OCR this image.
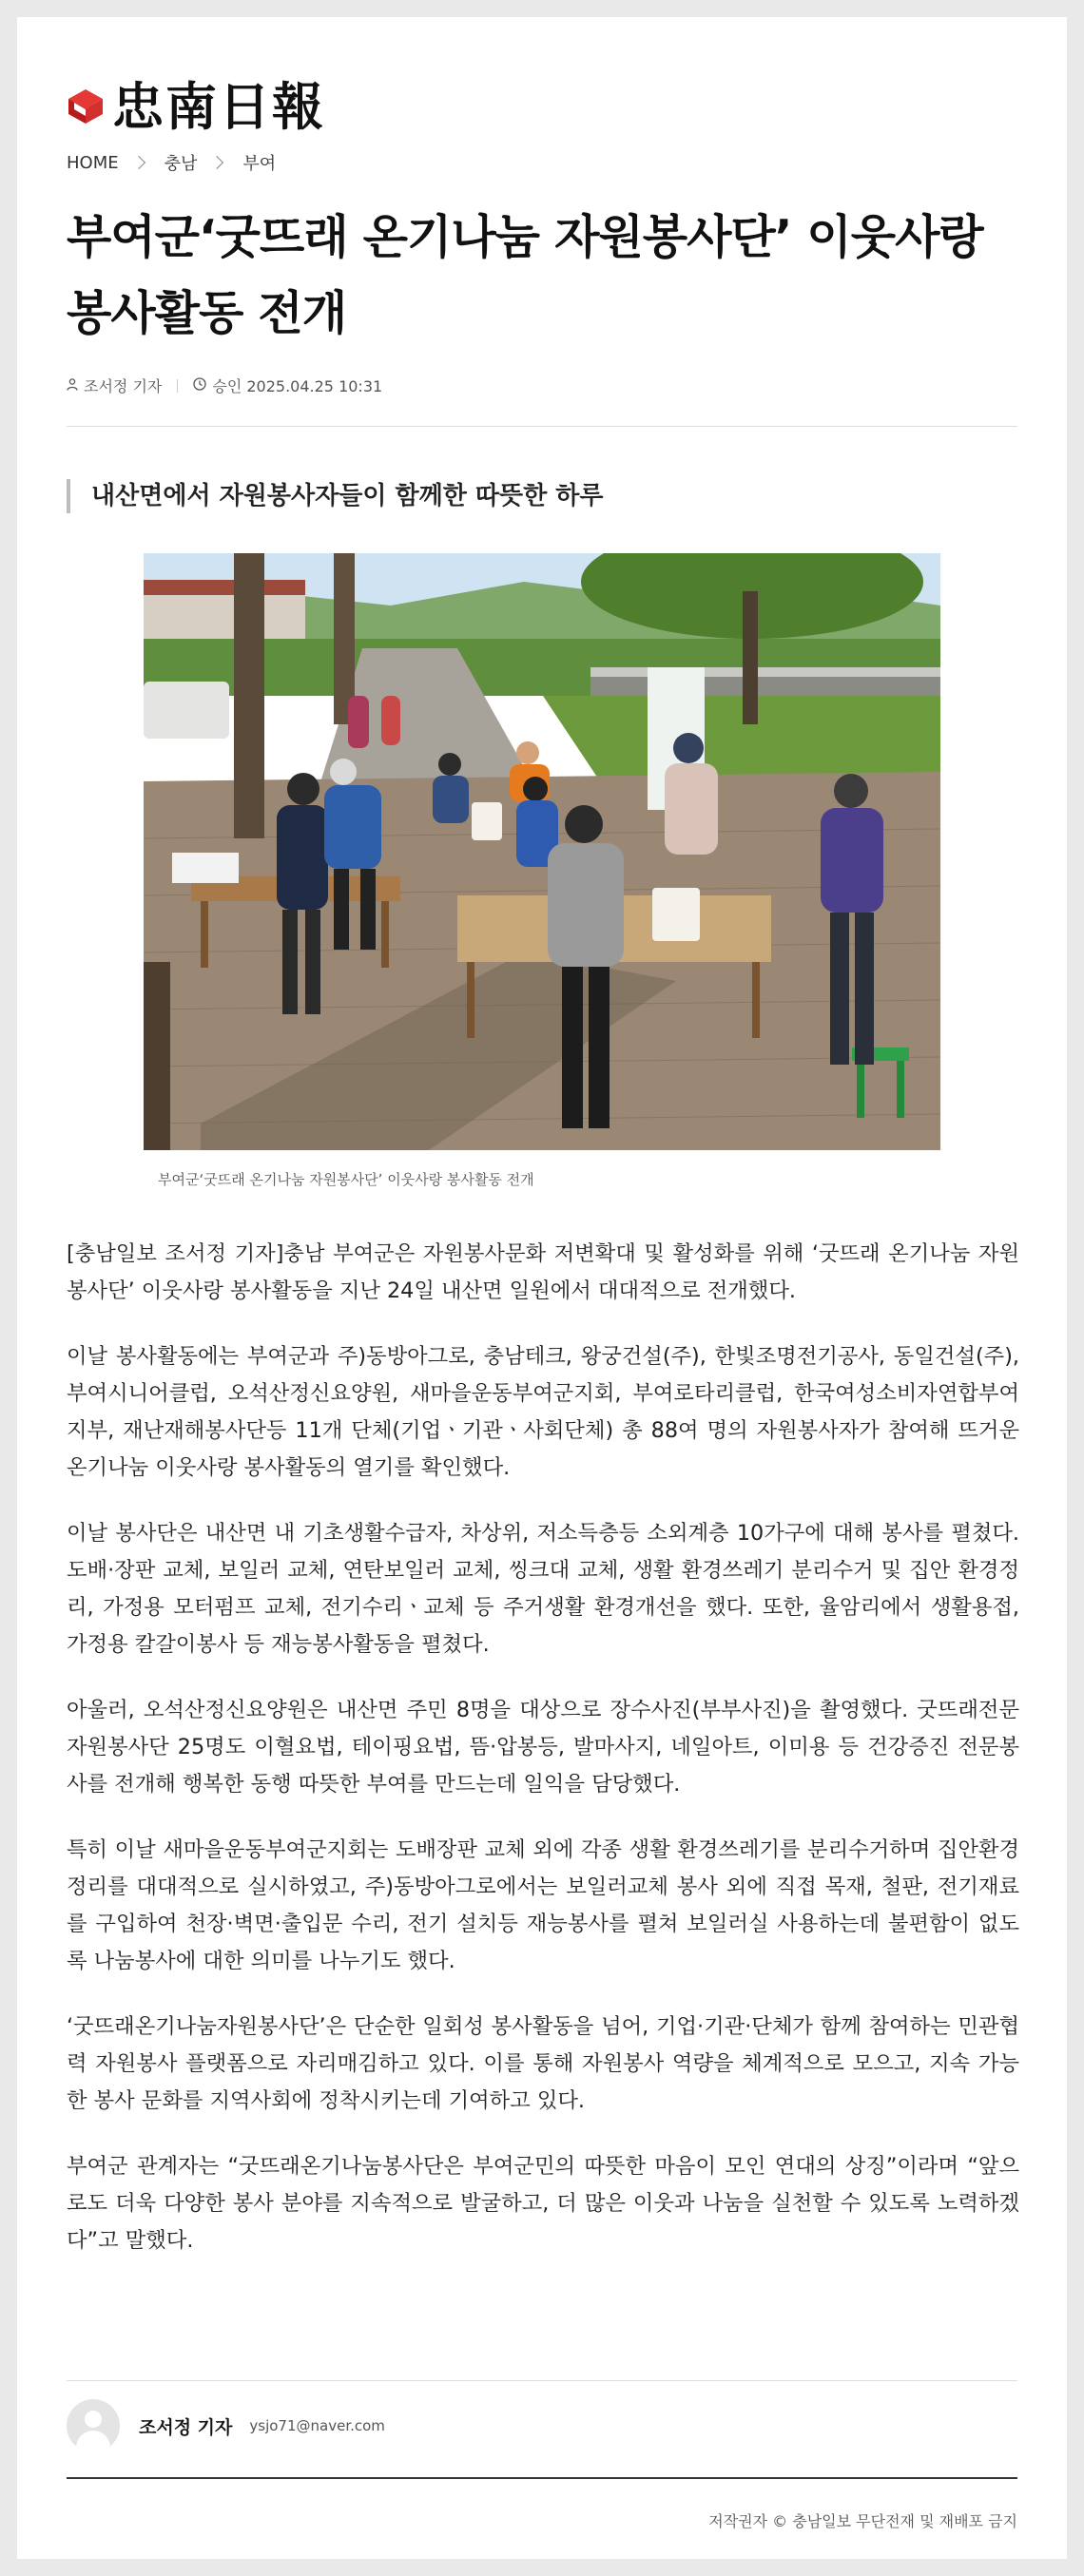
忠南日報
HOME	충남	부여
부여군‘굿뜨래 온기나눔 자원봉사단’ 이웃사랑 봉사활동 전개
조서정 기자	승인 2025.04.25 10:31
내산면에서 자원봉사자들이 함께한 따뜻한 하루
부여군‘굿뜨래 온기나눔 자원봉사단’ 이웃사랑 봉사활동 전개

[충남일보 조서정 기자]충남 부여군은 자원봉사문화 저변확대 및 활성화를 위해 ‘굿뜨래 온기나눔 자원봉사단’ 이웃사랑 봉사활동을 지난 24일 내산면 일원에서 대대적으로 전개했다.

이날 봉사활동에는 부여군과 주)동방아그로, 충남테크, 왕궁건설(주), 한빛조명전기공사, 동일건설(주), 부여시니어클럽, 오석산정신요양원, 새마을운동부여군지회, 부여로타리클럽, 한국여성소비자연합부여지부, 재난재해봉사단등 11개 단체(기업ㆍ기관ㆍ사회단체) 총 88여 명의 자원봉사자가 참여해 뜨거운 온기나눔 이웃사랑 봉사활동의 열기를 확인했다.

이날 봉사단은 내산면 내 기초생활수급자, 차상위, 저소득층등 소외계층 10가구에 대해 봉사를 펼쳤다. 도배·장판 교체, 보일러 교체, 연탄보일러 교체, 씽크대 교체, 생활 환경쓰레기 분리수거 및 집안 환경정리, 가정용 모터펌프 교체, 전기수리ㆍ교체 등 주거생활 환경개선을 했다. 또한, 율암리에서 생활용접, 가정용 칼갈이봉사 등 재능봉사활동을 펼쳤다.

아울러, 오석산정신요양원은 내산면 주민 8명을 대상으로 장수사진(부부사진)을 촬영했다. 굿뜨래전문자원봉사단 25명도 이혈요법, 테이핑요법, 뜸·압봉등, 발마사지, 네일아트, 이미용 등 건강증진 전문봉사를 전개해 행복한 동행 따뜻한 부여를 만드는데 일익을 담당했다.

특히 이날 새마을운동부여군지회는 도배장판 교체 외에 각종 생활 환경쓰레기를 분리수거하며 집안환경정리를 대대적으로 실시하였고, 주)동방아그로에서는 보일러교체 봉사 외에 직접 목재, 철판, 전기재료를 구입하여 천장·벽면·출입문 수리, 전기 설치등 재능봉사를 펼쳐 보일러실 사용하는데 불편함이 없도록 나눔봉사에 대한 의미를 나누기도 했다.

‘굿뜨래온기나눔자원봉사단’은 단순한 일회성 봉사활동을 넘어, 기업·기관·단체가 함께 참여하는 민관협력 자원봉사 플랫폼으로 자리매김하고 있다. 이를 통해 자원봉사 역량을 체계적으로 모으고, 지속 가능한 봉사 문화를 지역사회에 정착시키는데 기여하고 있다.

부여군 관계자는 “굿뜨래온기나눔봉사단은 부여군민의 따뜻한 마음이 모인 연대의 상징”이라며 “앞으로도 더욱 다양한 봉사 분야를 지속적으로 발굴하고, 더 많은 이웃과 나눔을 실천할 수 있도록 노력하겠다”고 말했다.

조서정 기자 ysjo71@naver.com
저작권자 © 충남일보 무단전재 및 재배포 금지
